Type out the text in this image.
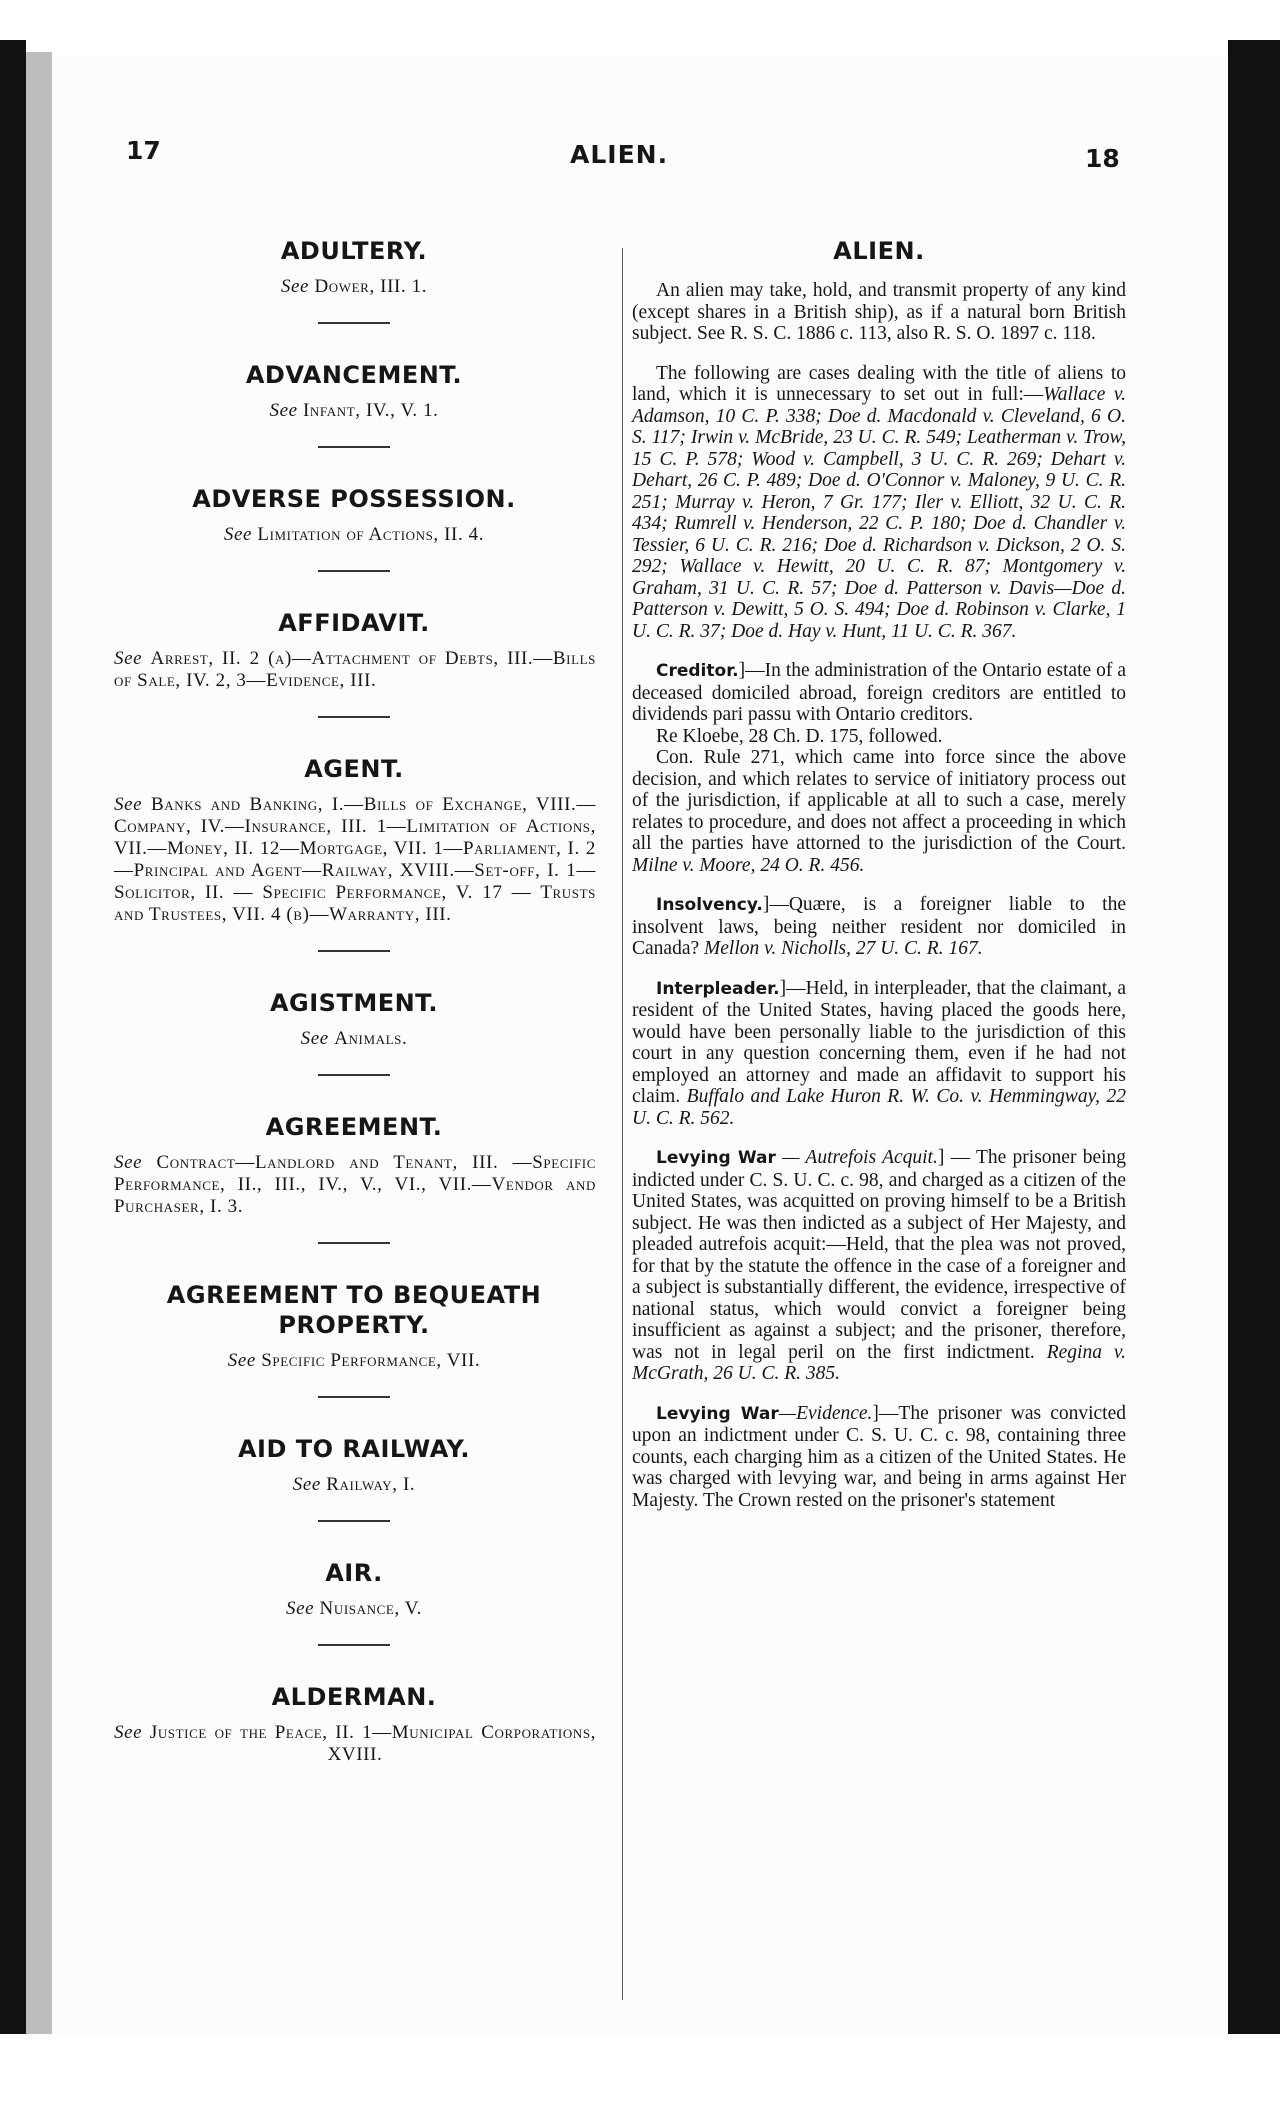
17	ALIEN.	18
ADULTERY.
See Dower, III. 1.
ADVANCEMENT.
See Infant, IV., V. 1.
ADVERSE POSSESSION.
See Limitation of Actions, II. 4.
AFFIDAVIT.
See Arrest, II. 2 (a)—Attachment of Debts, III.—Bills of Sale, IV. 2, 3—Evidence, III.
AGENT.
See Banks and Banking, I.—Bills of Exchange, VIII.—Company, IV.—Insurance, III. 1—Limitation of Actions, VII.—Money, II. 12—Mortgage, VII. 1—Parliament, I. 2—Principal and Agent—Railway, XVIII.—Set-off, I. 1—Solicitor, II. — Specific Performance, V. 17 — Trusts and Trustees, VII. 4 (b)—Warranty, III.
AGISTMENT.
See Animals.
AGREEMENT.
See Contract—Landlord and Tenant, III. —Specific Performance, II., III., IV., V., VI., VII.—Vendor and Purchaser, I. 3.
AGREEMENT TO BEQUEATH PROPERTY.
See Specific Performance, VII.
AID TO RAILWAY.
See Railway, I.
AIR.
See Nuisance, V.
ALDERMAN.
See Justice of the Peace, II. 1—Municipal Corporations, XVIII.
ALIEN.

An alien may take, hold, and transmit property of any kind (except shares in a British ship), as if a natural born British subject. See R. S. C. 1886 c. 113, also R. S. O. 1897 c. 118.

The following are cases dealing with the title of aliens to land, which it is unnecessary to set out in full:—Wallace v. Adamson, 10 C. P. 338; Doe d. Macdonald v. Cleveland, 6 O. S. 117; Irwin v. McBride, 23 U. C. R. 549; Leatherman v. Trow, 15 C. P. 578; Wood v. Campbell, 3 U. C. R. 269; Dehart v. Dehart, 26 C. P. 489; Doe d. O'Connor v. Maloney, 9 U. C. R. 251; Murray v. Heron, 7 Gr. 177; Iler v. Elliott, 32 U. C. R. 434; Rumrell v. Henderson, 22 C. P. 180; Doe d. Chandler v. Tessier, 6 U. C. R. 216; Doe d. Richardson v. Dickson, 2 O. S. 292; Wallace v. Hewitt, 20 U. C. R. 87; Montgomery v. Graham, 31 U. C. R. 57; Doe d. Patterson v. Davis—Doe d. Patterson v. Dewitt, 5 O. S. 494; Doe d. Robinson v. Clarke, 1 U. C. R. 37; Doe d. Hay v. Hunt, 11 U. C. R. 367.

Creditor.]—In the administration of the Ontario estate of a deceased domiciled abroad, foreign creditors are entitled to dividends pari passu with Ontario creditors.

Re Kloebe, 28 Ch. D. 175, followed.

Con. Rule 271, which came into force since the above decision, and which relates to service of initiatory process out of the jurisdiction, if applicable at all to such a case, merely relates to procedure, and does not affect a proceeding in which all the parties have attorned to the jurisdiction of the Court. Milne v. Moore, 24 O. R. 456.

Insolvency.]—Quære, is a foreigner liable to the insolvent laws, being neither resident nor domiciled in Canada? Mellon v. Nicholls, 27 U. C. R. 167.

Interpleader.]—Held, in interpleader, that the claimant, a resident of the United States, having placed the goods here, would have been personally liable to the jurisdiction of this court in any question concerning them, even if he had not employed an attorney and made an affidavit to support his claim. Buffalo and Lake Huron R. W. Co. v. Hemmingway, 22 U. C. R. 562.

Levying War — Autrefois Acquit.] — The prisoner being indicted under C. S. U. C. c. 98, and charged as a citizen of the United States, was acquitted on proving himself to be a British subject. He was then indicted as a subject of Her Majesty, and pleaded autrefois acquit:—Held, that the plea was not proved, for that by the statute the offence in the case of a foreigner and a subject is substantially different, the evidence, irrespective of national status, which would convict a foreigner being insufficient as against a subject; and the prisoner, therefore, was not in legal peril on the first indictment. Regina v. McGrath, 26 U. C. R. 385.

Levying War—Evidence.]—The prisoner was convicted upon an indictment under C. S. U. C. c. 98, containing three counts, each charging him as a citizen of the United States. He was charged with levying war, and being in arms against Her Majesty. The Crown rested on the prisoner's statement
